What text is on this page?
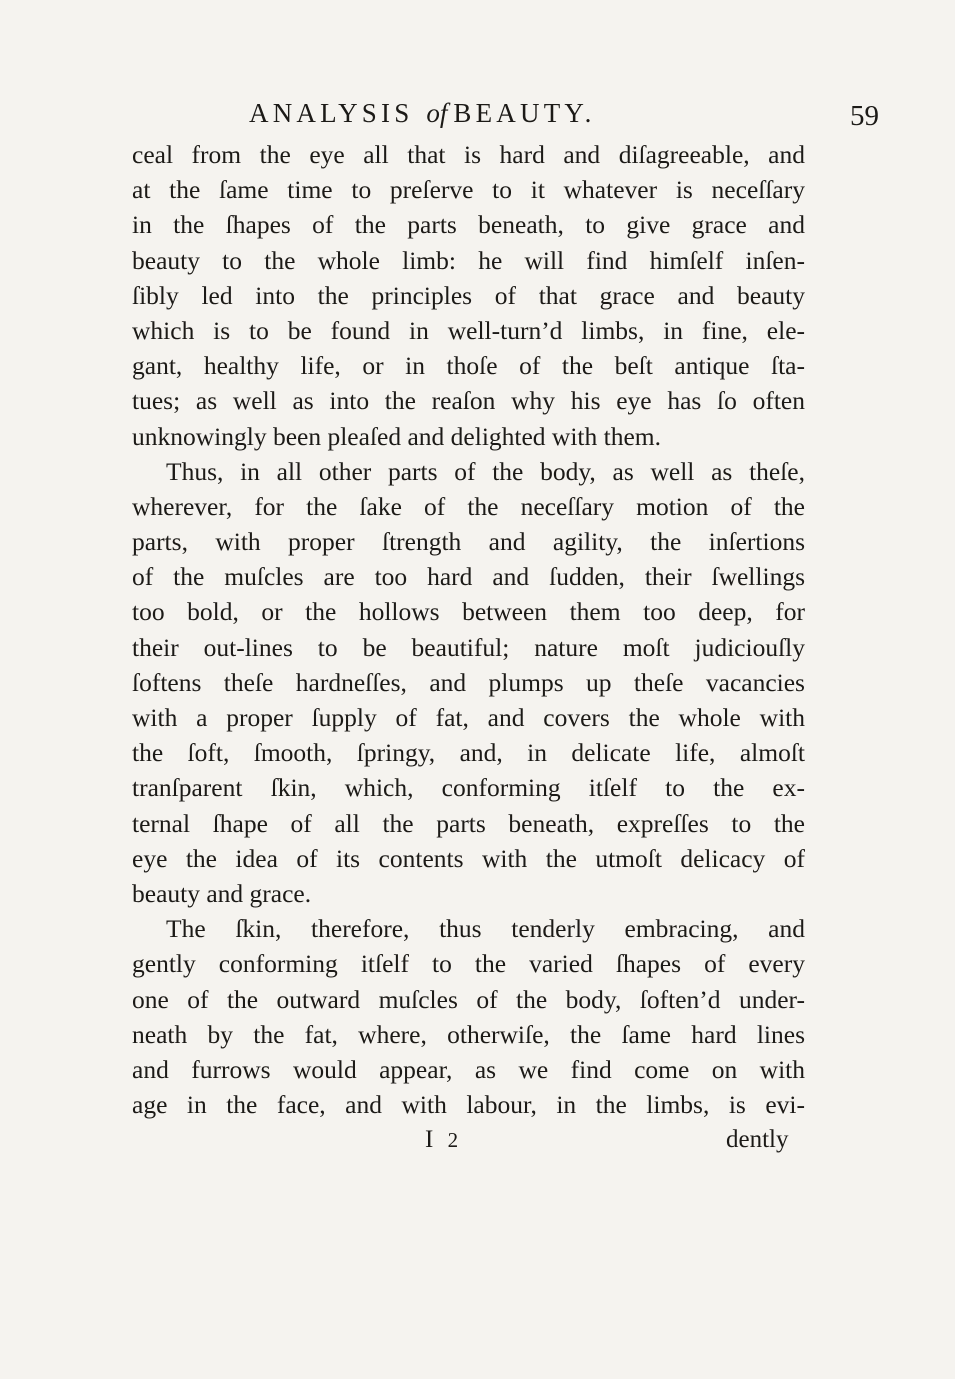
ANALYSIS of BEAUTY.	59
ceal from the eye all that is hard and diſagreeable, and
at the ſame time to preſerve to it whatever is neceſſary
in the ſhapes of the parts beneath, to give grace and
beauty to the whole limb: he will find himſelf inſen-
ſibly led into the principles of that grace and beauty
which is to be found in well-turn’d limbs, in fine, ele-
gant, healthy life, or in thoſe of the beſt antique ſta-
tues; as well as into the reaſon why his eye has ſo often
unknowingly been pleaſed and delighted with them.
Thus, in all other parts of the body, as well as theſe,
wherever, for the ſake of the neceſſary motion of the
parts, with proper ſtrength and agility, the inſertions
of the muſcles are too hard and ſudden, their ſwellings
too bold, or the hollows between them too deep, for
their out-lines to be beautiful; nature moſt judiciouſly
ſoftens theſe hardneſſes, and plumps up theſe vacancies
with a proper ſupply of fat, and covers the whole with
the ſoft, ſmooth, ſpringy, and, in delicate life, almoſt
tranſparent ſkin, which, conforming itſelf to the ex-
ternal ſhape of all the parts beneath, expreſſes to the
eye the idea of its contents with the utmoſt delicacy of
beauty and grace.
The ſkin, therefore, thus tenderly embracing, and
gently conforming itſelf to the varied ſhapes of every
one of the outward muſcles of the body, ſoften’d under-
neath by the fat, where, otherwiſe, the ſame hard lines
and furrows would appear, as we find come on with
age in the face, and with labour, in the limbs, is evi-
I 2	dently
